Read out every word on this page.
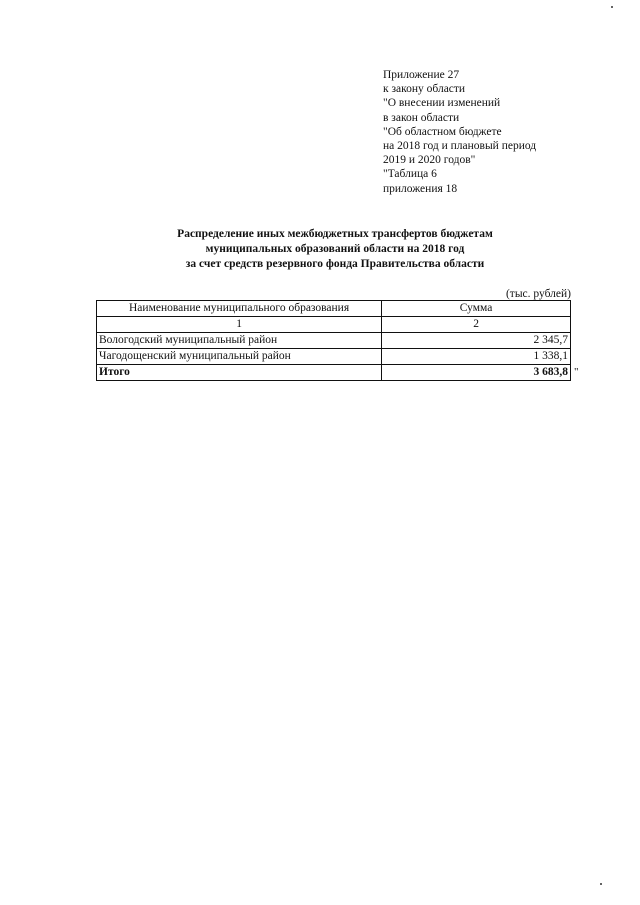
Приложение 27
к закону области
"О внесении изменений
в закон области
"Об областном бюджете
на 2018 год и плановый период
2019 и 2020 годов"
"Таблица 6
приложения 18
Распределение иных межбюджетных трансфертов бюджетам
муниципальных образований области на 2018 год
за счет средств резервного фонда Правительства области
(тыс. рублей)
Наименование муниципального образования	Сумма
1	2
Вологодский муниципальный район	2 345,7
Чагодощенский муниципальный район	1 338,1
Итого	3 683,8 "
